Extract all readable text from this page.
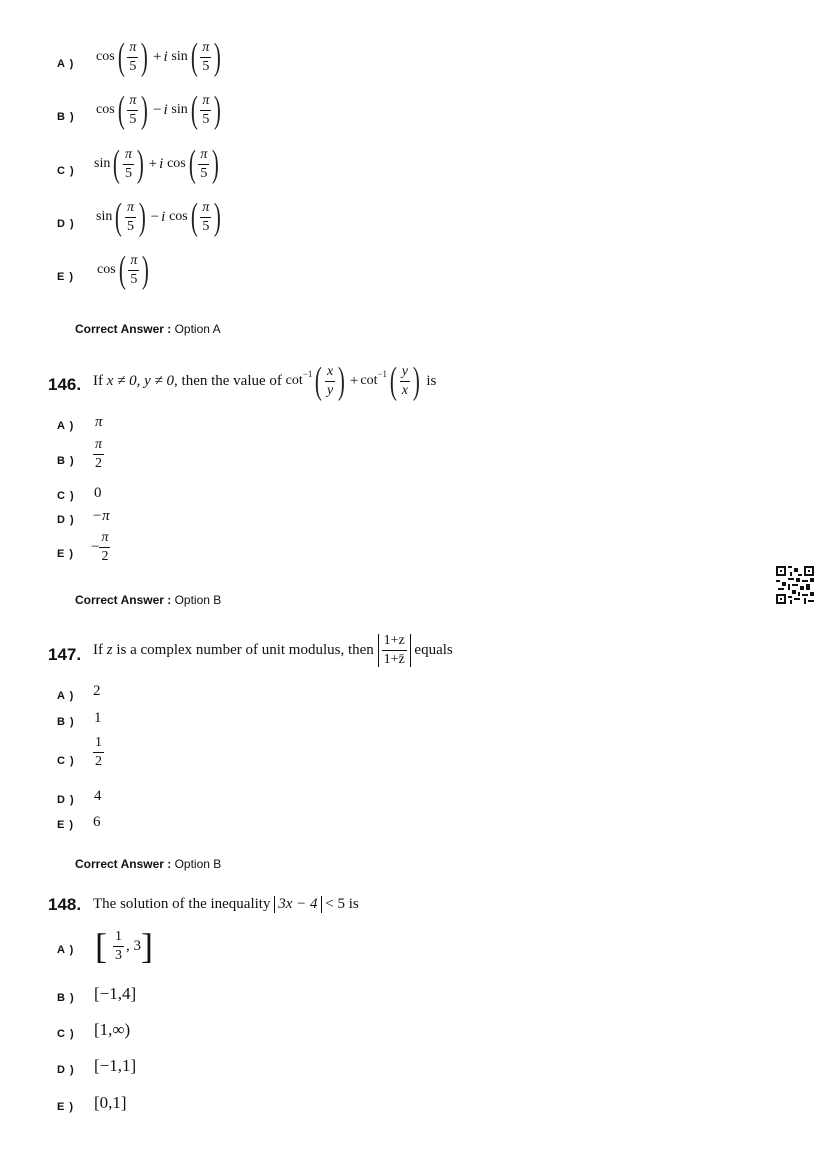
A ) cos ( $\frac{\pi}{5}$ ) + i
sin ( $\frac{\pi}{5}$ )
B ) cos ( $\frac{\pi}{5}$ ) − i
sin ( $\frac{\pi}{5}$ )
C ) sin ( $\frac{\pi}{5}$ ) + i
cos ( $\frac{\pi}{5}$ )
D ) sin ( $\frac{\pi}{5}$ ) − i
cos ( $\frac{\pi}{5}$ )
E ) cos ( $\frac{\pi}{5}$ )
Correct Answer : Option A
146. If
x ≠ 0, y ≠ 0 , then the value of
cot −1 ( $\frac{x}{y}$ ) + cot −1 ( $\frac{y}{x}$ )
is
A ) π
B ) $\frac{\pi}{2}$
C ) 0
D ) −π
E ) − $\frac{\pi}{2}$
Correct Answer : Option B
147. If
z
is a complex number of unit modulus, then
$\frac{1+z}{1+z̄}$
equals
A ) 2
B ) 1
C ) $\frac{1}{2}$
D ) 4
E ) 6
Correct Answer : Option B
148. The solution of the inequality
3x − 4
< 5 is
A ) [ $\frac{1}{3}$ , 3 ]
B ) [−1,4]
C ) [1,∞)
D ) [−1,1]
E ) [0,1]
